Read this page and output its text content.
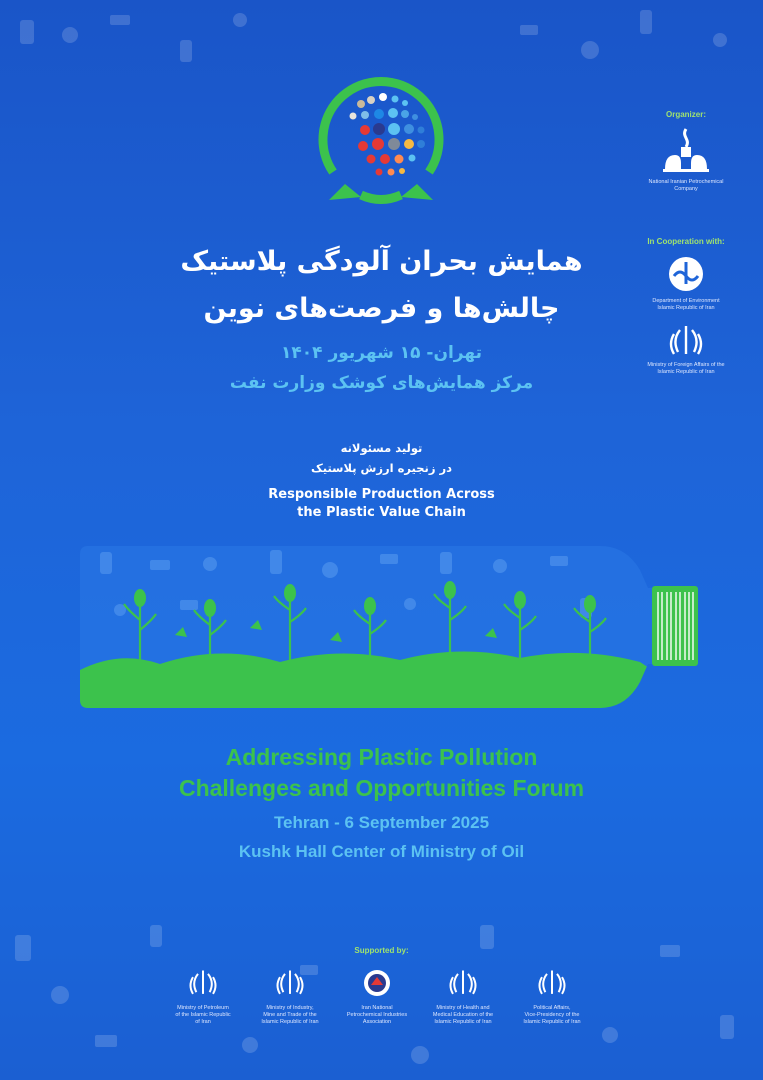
همایش بحران آلودگی پلاستیک
چالش‌ها و فرصت‌های نوین
تهران- ۱۵ شهریور ۱۴۰۴
مرکز همایش‌های کوشک وزارت نفت
تولید مسئولانه
در زنجیره ارزش پلاستیک
Responsible Production Across
the Plastic Value Chain
Organizer:
National Iranian Petrochemical
Company
In Cooperation with:
Department of Environment
Islamic Republic of Iran
Ministry of Foreign Affairs of the
Islamic Republic of Iran
Addressing Plastic Pollution
Challenges and Opportunities Forum
Tehran - 6 September 2025
Kushk Hall Center of Ministry of Oil
Supported by:
Ministry of Petroleum
of the Islamic Republic
of Iran
Ministry of Industry,
Mine and Trade of the
Islamic Republic of Iran
Iran National
Petrochemical Industries
Association
Ministry of Health and
Medical Education of the
Islamic Republic of Iran
Political Affairs,
Vice-Presidency of the
Islamic Republic of Iran
